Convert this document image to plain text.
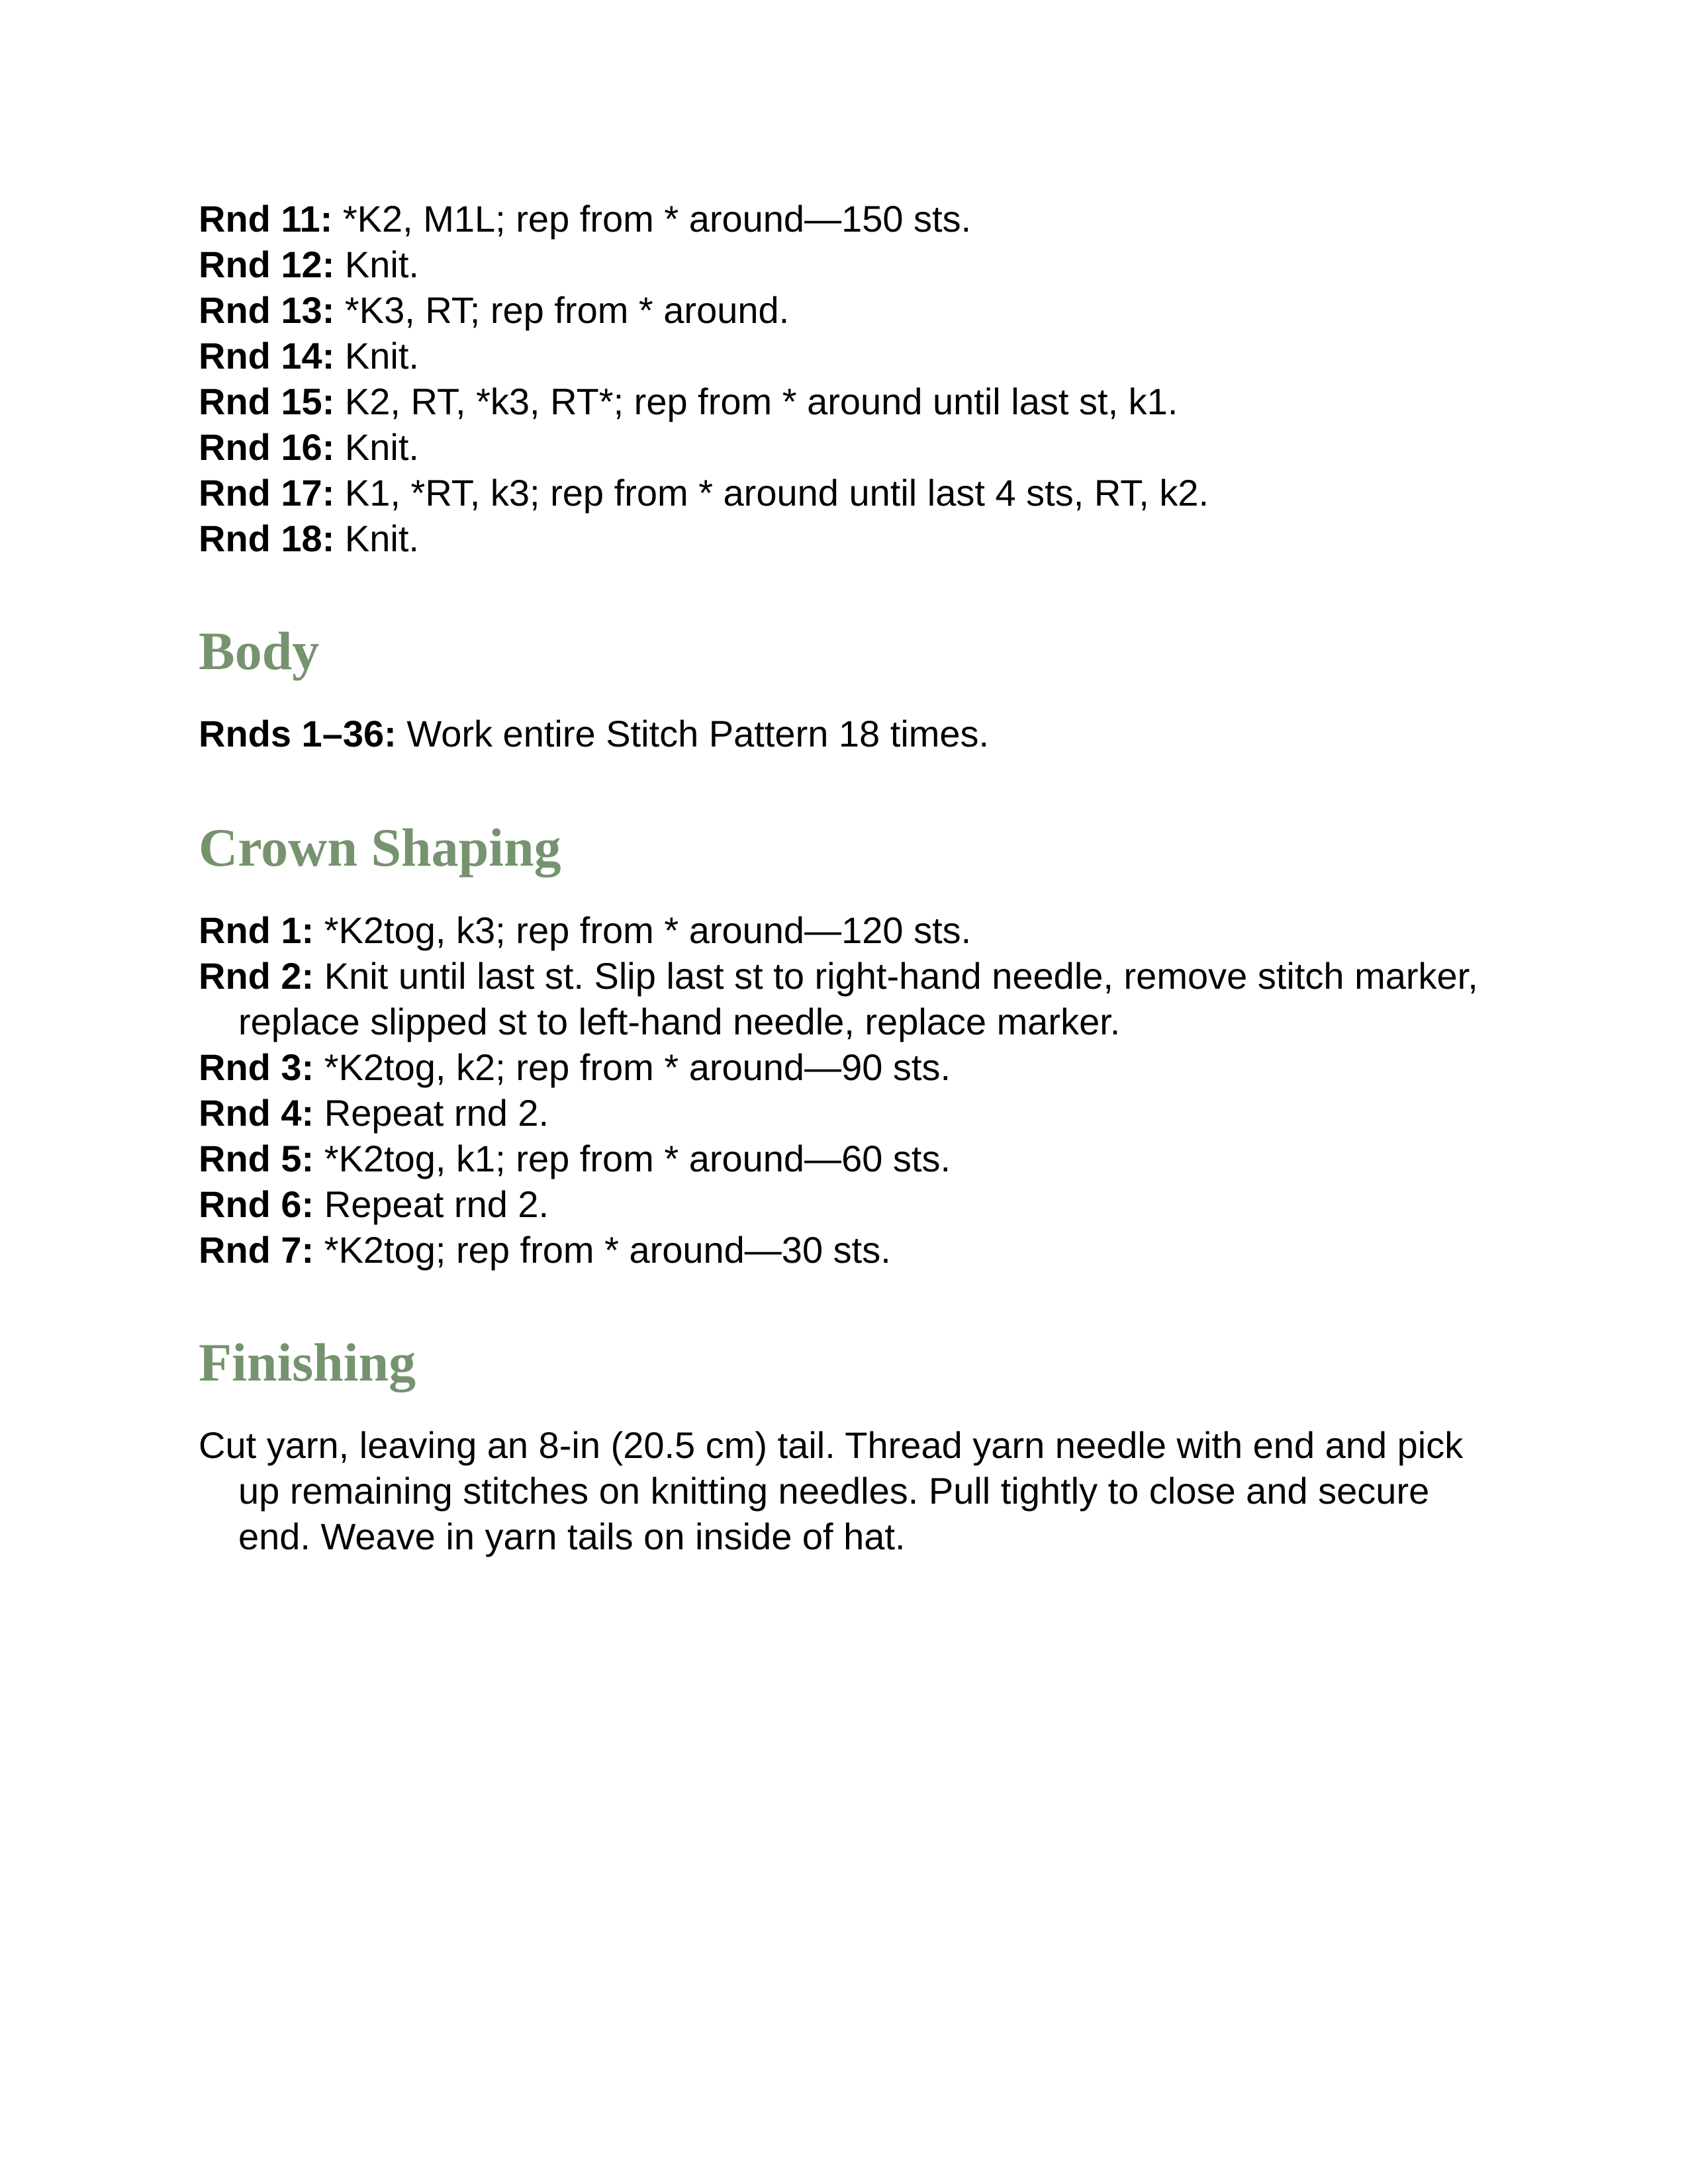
Rnd 11: *K2, M1L; rep from * around—150 sts.
Rnd 12: Knit.
Rnd 13: *K3, RT; rep from * around.
Rnd 14: Knit.
Rnd 15: K2, RT, *k3, RT*; rep from * around until last st, k1.
Rnd 16: Knit.
Rnd 17: K1, *RT, k3; rep from * around until last 4 sts, RT, k2.
Rnd 18: Knit.
Body
Rnds 1–36: Work entire Stitch Pattern 18 times.
Crown Shaping
Rnd 1: *K2tog, k3; rep from * around—120 sts.
Rnd 2: Knit until last st. Slip last st to right-hand needle, remove stitch marker, replace slipped st to left-hand needle, replace marker.
Rnd 3: *K2tog, k2; rep from * around—90 sts.
Rnd 4: Repeat rnd 2.
Rnd 5: *K2tog, k1; rep from * around—60 sts.
Rnd 6: Repeat rnd 2.
Rnd 7: *K2tog; rep from * around—30 sts.
Finishing
Cut yarn, leaving an 8-in (20.5 cm) tail. Thread yarn needle with end and pick up remaining stitches on knitting needles. Pull tightly to close and secure end. Weave in yarn tails on inside of hat.
